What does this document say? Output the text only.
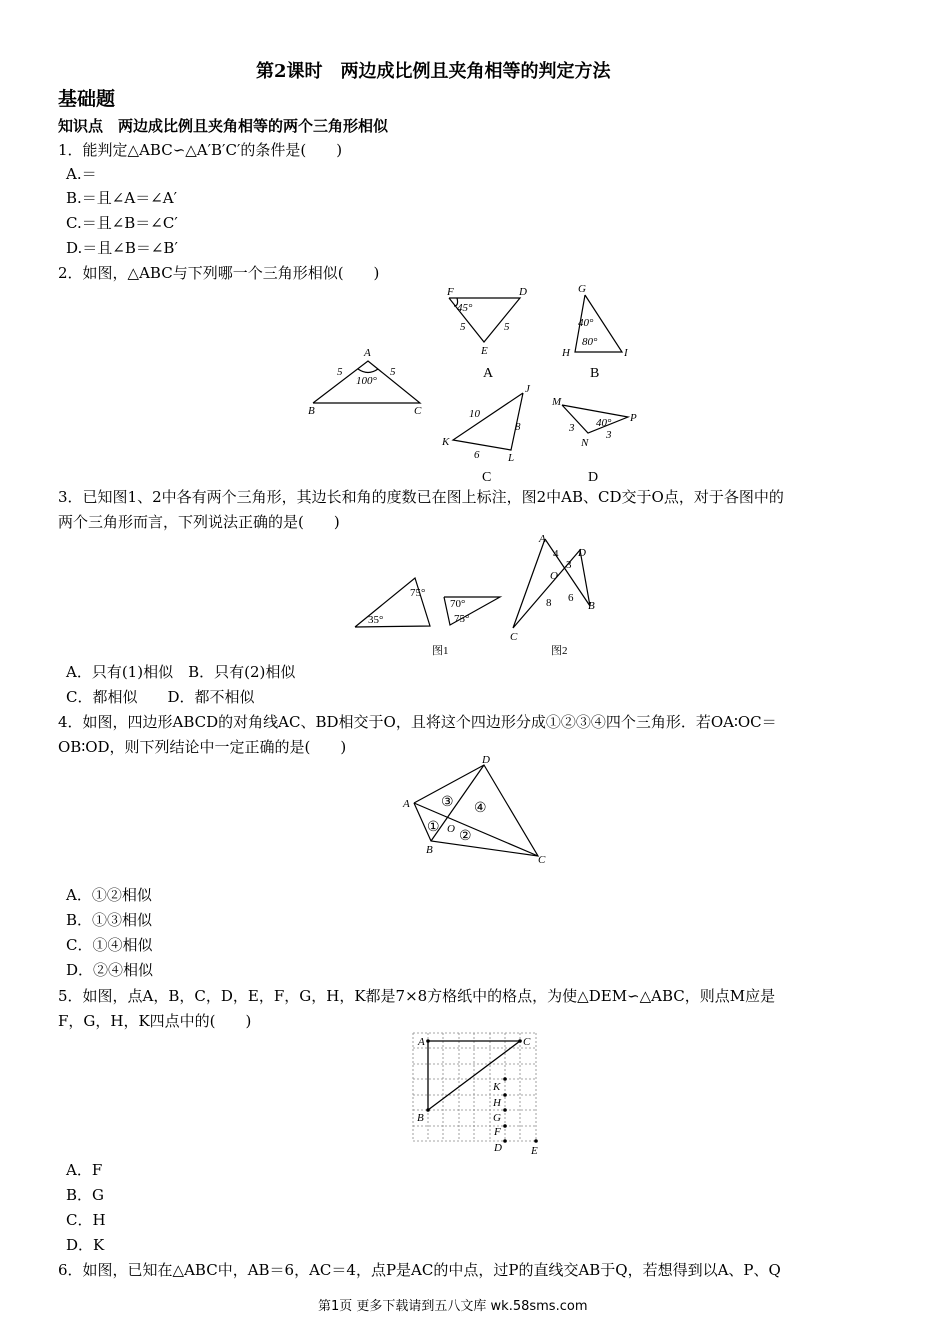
第2课时　两边成比例且夹角相等的判定方法
基础题
知识点　两边成比例且夹角相等的两个三角形相似
1．能判定△ABC∽△A′B′C′的条件是(　　)
A.＝
B.＝且∠A＝∠A′
C.＝且∠B＝∠C′
D.＝且∠B＝∠B′
2．如图，△ABC与下列哪一个三角形相似(　　)
A
B	C
5	5
100°
F	D
E
45°
5	5
A
G
H	I
40°
80°
B
J
K
L
10
8
6
C
M
N
P
40°
3
3
D
3．已知图1、2中各有两个三角形，其边长和角的度数已在图上标注，图2中AB、CD交于O点，对于各图中的
两个三角形而言，下列说法正确的是(　　)
75°
35°
70°
75°
图1
A
B
C
D
O
4
3
6
8
图2
A．只有(1)相似　B．只有(2)相似
C．都相似　　D．都不相似
4．如图，四边形ABCD的对角线AC、BD相交于O，且将这个四边形分成①②③④四个三角形．若OA∶OC＝
OB∶OD，则下列结论中一定正确的是(　　)
A
B
C
D
O
①
②
③ ④
A．①②相似
B．①③相似
C．①④相似
D．②④相似
5．如图，点A，B，C，D，E，F，G，H，K都是7×8方格纸中的格点，为使△DEM∽△ABC，则点M应是
F，G，H，K四点中的(　　)
A
B
C
D	E
F
G
H
K
A．F
B．G
C．H
D．K
6．如图，已知在△ABC中，AB＝6，AC＝4，点P是AC的中点，过P的直线交AB于Q，若想得到以A、P、Q
第1页 更多下载请到五八文库 wk.58sms.com
